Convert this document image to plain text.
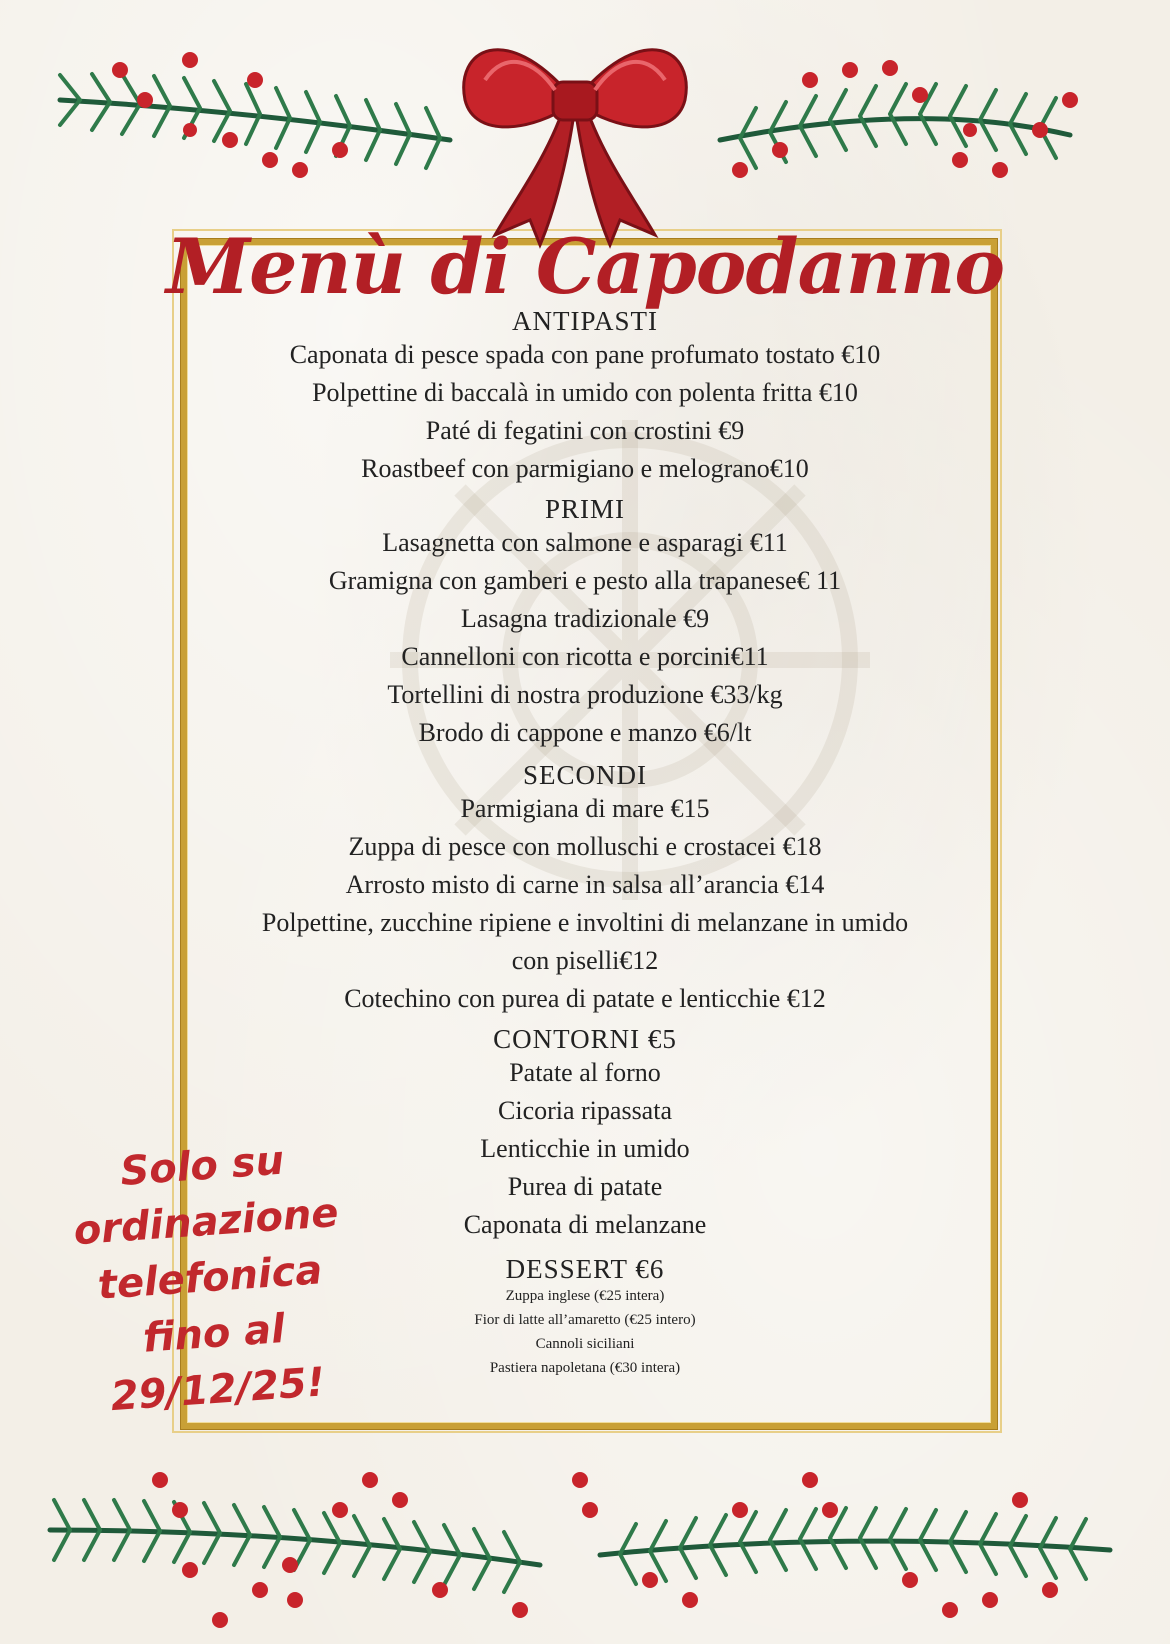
Menù di Capodanno
ANTIPASTI
Caponata di pesce spada con pane profumato tostato €10
Polpettine di baccalà in umido con polenta fritta €10
Paté di fegatini con crostini €9
Roastbeef con parmigiano e melograno€10
PRIMI
Lasagnetta con salmone e asparagi €11
Gramigna con gamberi e pesto alla trapanese€ 11
Lasagna tradizionale €9
Cannelloni con ricotta e porcini€11
Tortellini di nostra produzione €33/kg
Brodo di cappone e manzo €6/lt
SECONDI
Parmigiana di mare €15
Zuppa di pesce con molluschi e crostacei €18
Arrosto misto di carne in salsa all’arancia €14
Polpettine, zucchine ripiene e involtini di melanzane in umido
con piselli€12
Cotechino con purea di patate e lenticchie €12
CONTORNI €5
Patate al forno
Cicoria ripassata
Lenticchie in umido
Purea di patate
Caponata di melanzane
DESSERT €6
Zuppa inglese (€25 intera)
Fior di latte all’amaretto (€25 intero)
Cannoli siciliani
Pastiera napoletana (€30 intera)
Solo su
ordinazione
telefonica
fino al
29/12/25!
